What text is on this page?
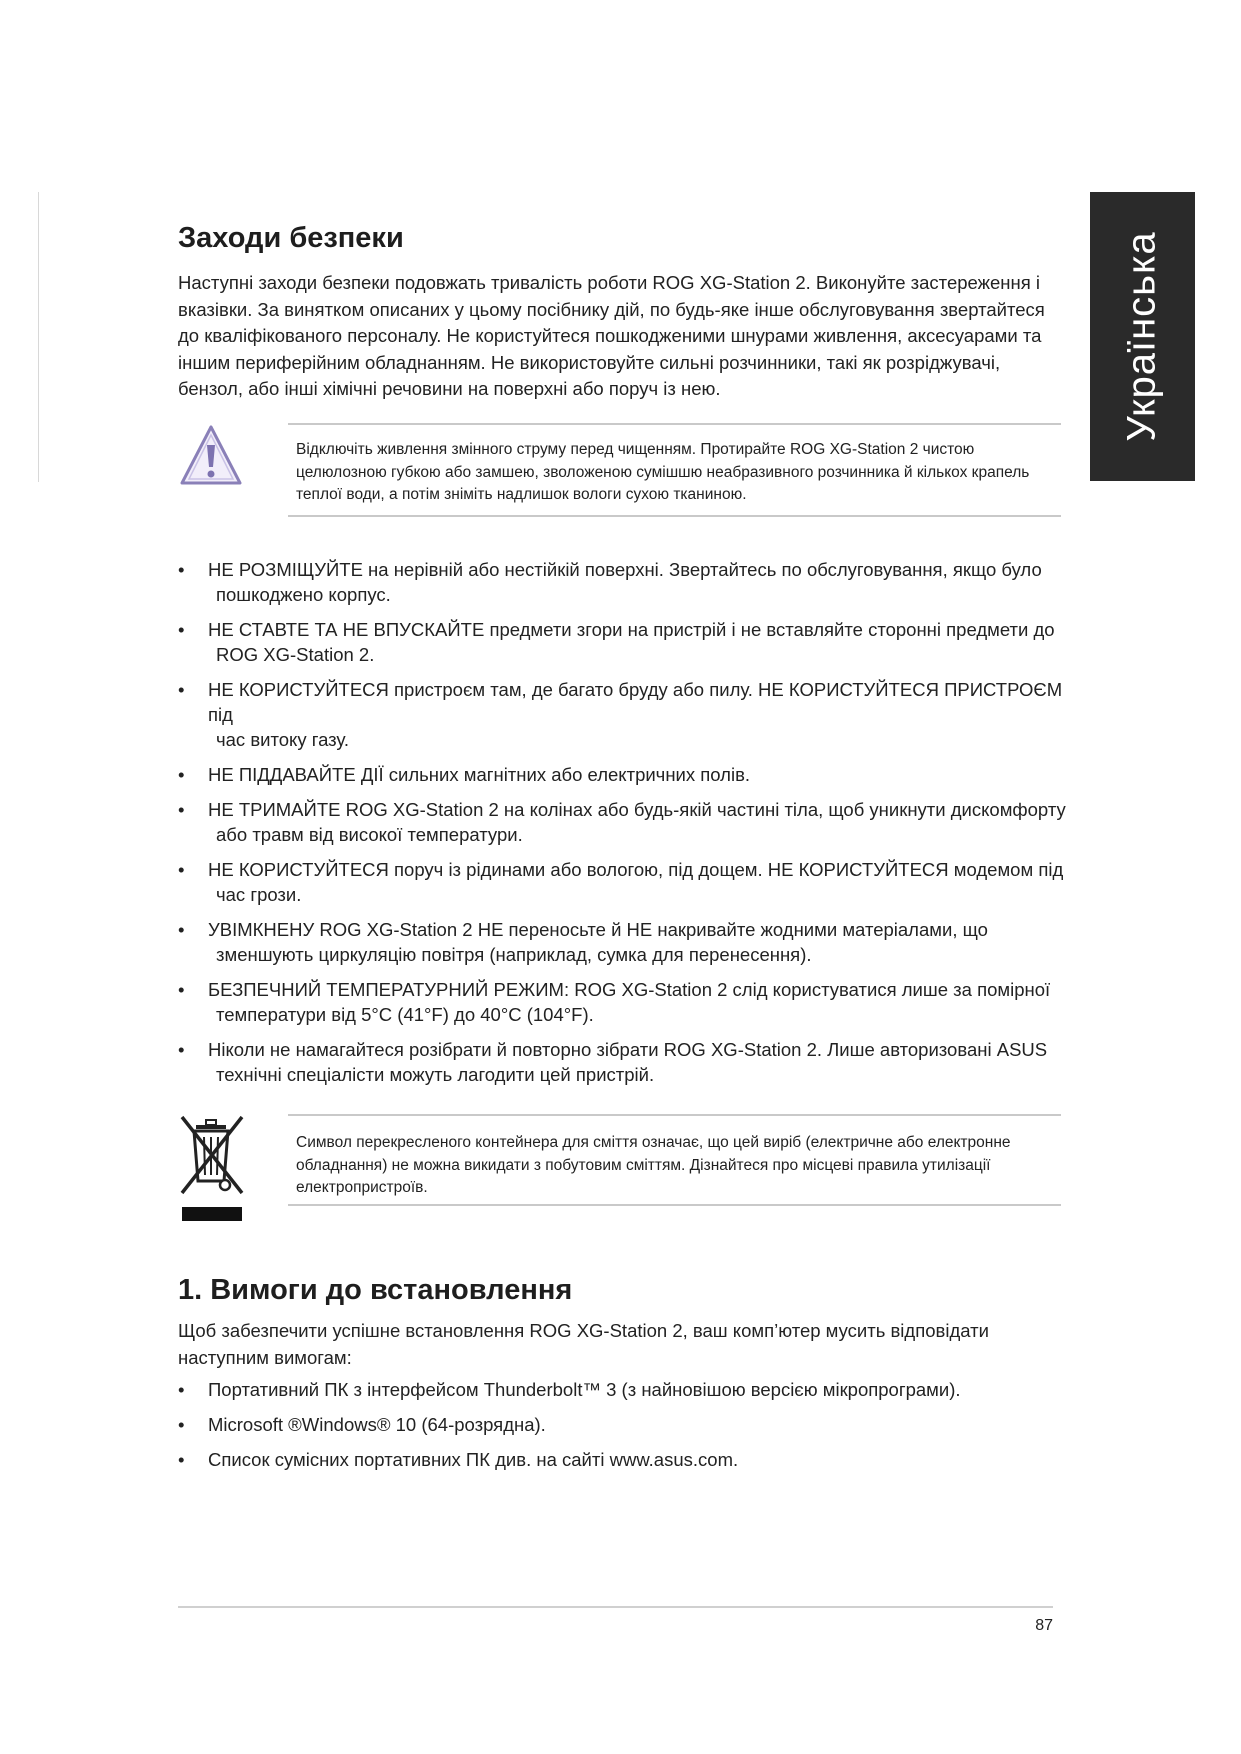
Українська
Заходи безпеки

Наступні заходи безпеки подовжать тривалість роботи ROG XG-Station 2. Виконуйте застереження і вказівки. За винятком описаних у цьому посібнику дій, по будь-яке інше обслуговування звертайтеся до кваліфікованого персоналу. Не користуйтеся пошкодженими шнурами живлення, аксесуарами та іншим периферійним обладнанням. Не використовуйте сильні розчинники, такі як розріджувачі, бензол, або інші хімічні речовини на поверхні або поруч із нею.

Відключіть живлення змінного струму перед чищенням. Протирайте ROG XG-Station 2 чистою целюлозною губкою або замшею, зволоженою сумішшю неабразивного розчинника й кількох крапель теплої води, а потім зніміть надлишок вологи сухою тканиною.

• НЕ РОЗМІЩУЙТЕ на нерівній або нестійкій поверхні. Звертайтесь по обслуговування, якщо було
пошкоджено корпус.
• НЕ СТАВТЕ ТА НЕ ВПУСКАЙТЕ предмети згори на пристрій і не вставляйте сторонні предмети до
ROG XG-Station 2.
• НЕ КОРИСТУЙТЕСЯ пристроєм там, де багато бруду або пилу. НЕ КОРИСТУЙТЕСЯ ПРИСТРОЄМ під
час витоку газу.
• НЕ ПІДДАВАЙТЕ ДІЇ сильних магнітних або електричних полів.
• НЕ ТРИМАЙТЕ ROG XG-Station 2 на колінах або будь-якій частині тіла, щоб уникнути дискомфорту
або травм від високої температури.
• НЕ КОРИСТУЙТЕСЯ поруч із рідинами або вологою, під дощем. НЕ КОРИСТУЙТЕСЯ модемом під
час грози.
• УВІМКНЕНУ ROG XG-Station 2 НЕ переносьте й НЕ накривайте жодними матеріалами, що
зменшують циркуляцію повітря (наприклад, сумка для перенесення).
• БЕЗПЕЧНИЙ ТЕМПЕРАТУРНИЙ РЕЖИМ: ROG XG-Station 2 слід користуватися лише за помірної
температури від 5°C (41°F) до 40°C (104°F).
• Ніколи не намагайтеся розібрати й повторно зібрати ROG XG-Station 2. Лише авторизовані ASUS
технічні спеціалісти можуть лагодити цей пристрій.

Символ перекресленого контейнера для сміття означає, що цей виріб (електричне або електронне обладнання) не можна викидати з побутовим сміттям. Дізнайтеся про місцеві правила утилізації електропристроїв.

1. Вимоги до встановлення

Щоб забезпечити успішне встановлення ROG XG-Station 2, ваш комп’ютер мусить відповідати наступним вимогам:

• Портативний ПК з інтерфейсом Thunderbolt™ 3 (з найновішою версією мікропрограми).
• Microsoft ®Windows® 10 (64-розрядна).
• Список сумісних портативних ПК див. на сайті www.asus.com.
87
